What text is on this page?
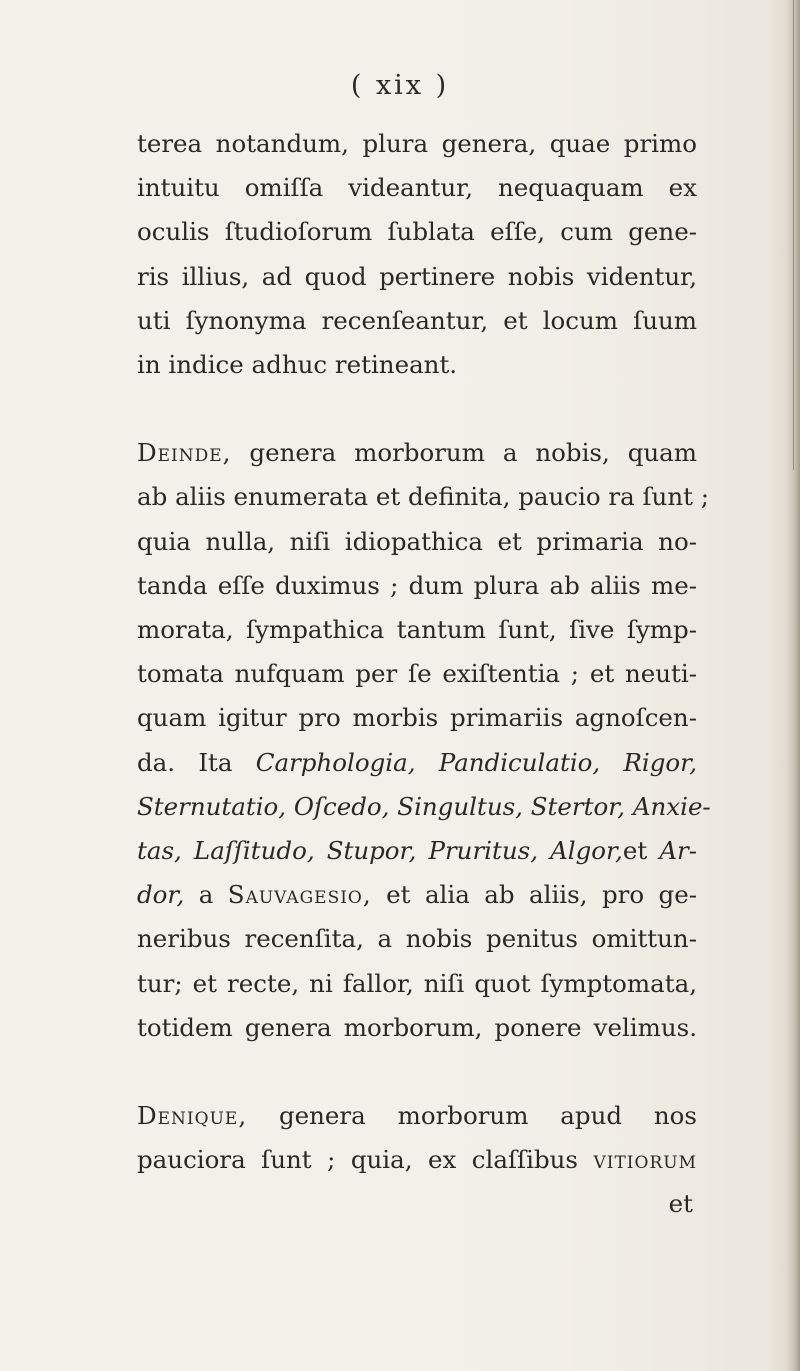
( xix )

terea notandum, plura genera, quae primo
intuitu omiſſa videantur, nequaquam ex
oculis ſtudioſorum ſublata eſſe, cum gene-
ris illius, ad quod pertinere nobis videntur,
uti ſynonyma recenſeantur, et locum ſuum
in indice adhuc retineant.

Deinde, genera morborum a nobis, quam
ab aliis enumerata et definita, paucio ra ſunt ;
quia nulla, niſi idiopathica et primaria no-
tanda eſſe duximus ; dum plura ab aliis me-
morata, ſympathica tantum ſunt, ſive ſymp-
tomata nufquam per ſe exiſtentia ; et neuti-
quam igitur pro morbis primariis agnoſcen-
da. Ita Carphologia, Pandiculatio, Rigor,
Sternutatio, Oſcedo, Singultus, Stertor, Anxie-
tas, Laſſitudo, Stupor, Pruritus, Algor,et Ar-
dor, a Sauvagesio, et alia ab aliis, pro ge-
neribus recenſita, a nobis penitus omittun-
tur; et recte, ni fallor, niſi quot ſymptomata,
totidem genera morborum, ponere velimus.

Denique, genera morborum apud nos
pauciora ſunt ; quia, ex claſſibus vitiorum
et
